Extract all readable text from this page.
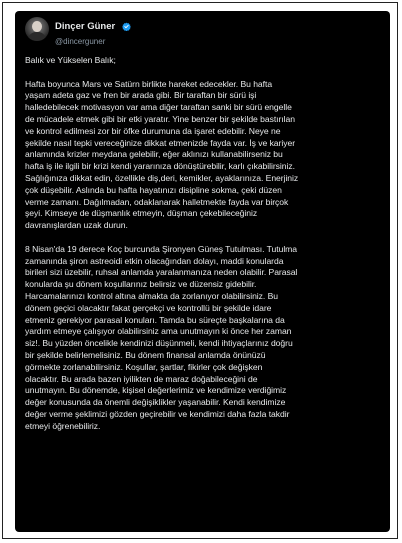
Dinçer Güner
@dincerguner

Balık ve Yükselen Balık;

Hafta boyunca Mars ve Satürn birlikte hareket edecekler. Bu hafta
yaşam adeta gaz ve fren bir arada gibi. Bir taraftan bir sürü işi
halledebilecek motivasyon var ama diğer taraftan sanki bir sürü engelle
de mücadele etmek gibi bir etki yaratır. Yine benzer bir şekilde bastırılan
ve kontrol edilmesi zor bir öfke durumuna da işaret edebilir. Neye ne
şekilde nasıl tepki vereceğinize dikkat etmenizde fayda var. İş ve kariyer
anlamında krizler meydana gelebilir, eğer aklınızı kullanabilirseniz bu
hafta iş ile ilgili bir krizi kendi yararınıza dönüştürebilir, karlı çıkabilirsiniz.
Sağlığınıza dikkat edin, özellikle diş,deri, kemikler, ayaklarınıza. Enerjiniz
çok düşebilir. Aslında bu hafta hayatınızı disipline sokma, çeki düzen
verme zamanı. Dağılmadan, odaklanarak halletmekte fayda var birçok
şeyi. Kimseye de düşmanlık etmeyin, düşman çekebileceğiniz
davranışlardan uzak durun.

8 Nisan'da 19 derece Koç burcunda Şironyen Güneş Tutulması. Tutulma
zamanında şiron astreoidi etkin olacağından dolayı, maddi konularda
birileri sizi üzebilir, ruhsal anlamda yaralanmanıza neden olabilir. Parasal
konularda şu dönem koşullarınız belirsiz ve düzensiz gidebilir.
Harcamalarınızı kontrol altına almakta da zorlanıyor olabilirsiniz. Bu
dönem geçici olacaktır fakat gerçekçi ve kontrollü bir şekilde idare
etmeniz gerekiyor parasal konuları. Tamda bu süreçte başkalarına da
yardım etmeye çalışıyor olabilirsiniz ama unutmayın ki önce her zaman
siz!. Bu yüzden öncelikle kendinizi düşünmeli, kendi ihtiyaçlarınız doğru
bir şekilde belirlemelisiniz. Bu dönem finansal anlamda önünüzü
görmekte zorlanabilirsiniz. Koşullar, şartlar, fikirler çok değişken
olacaktır. Bu arada bazen iyilikten de maraz doğabileceğini de
unutmayın. Bu dönemde, kişisel değerlerimiz ve kendimize verdiğimiz
değer konusunda da önemli değişiklikler yaşanabilir. Kendi kendimize
değer verme şeklimizi gözden geçirebilir ve kendimizi daha fazla takdir
etmeyi öğrenebiliriz.
